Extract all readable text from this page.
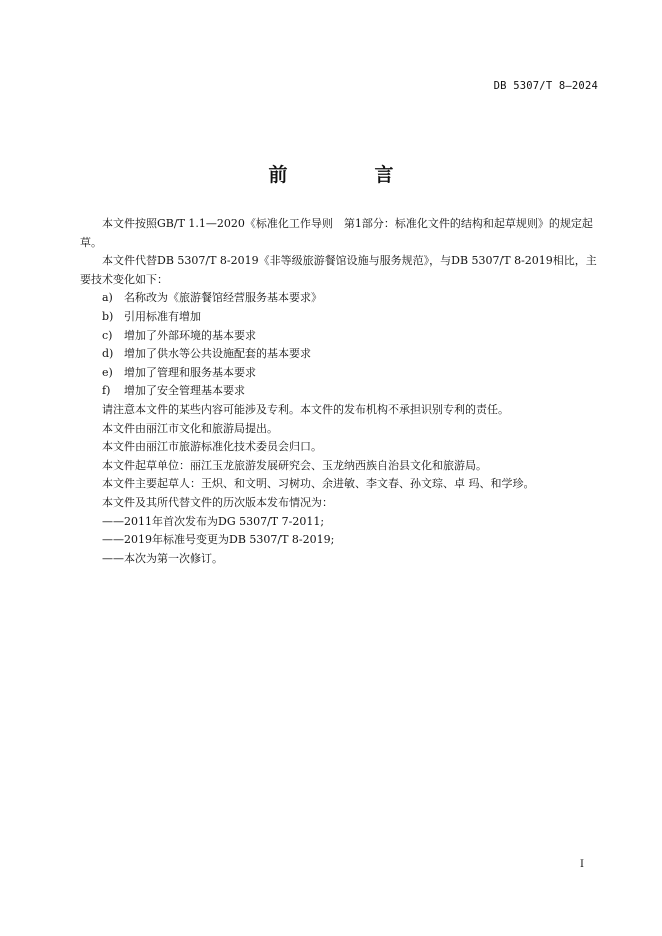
DB 5307/T 8—2024
前　言

本文件按照GB/T 1.1—2020《标准化工作导则　第1部分：标准化文件的结构和起草规则》的规定起草。

本文件代替DB 5307/T 8-2019《非等级旅游餐馆设施与服务规范》，与DB 5307/T 8-2019相比，主要技术变化如下：

a) 名称改为《旅游餐馆经营服务基本要求》

b) 引用标准有增加

c) 增加了外部环境的基本要求

d) 增加了供水等公共设施配套的基本要求

e) 增加了管理和服务基本要求

f) 增加了安全管理基本要求

请注意本文件的某些内容可能涉及专利。本文件的发布机构不承担识别专利的责任。

本文件由丽江市文化和旅游局提出。

本文件由丽江市旅游标准化技术委员会归口。

本文件起草单位：丽江玉龙旅游发展研究会、玉龙纳西族自治县文化和旅游局。

本文件主要起草人：王炽、和文明、习树功、余进敏、李文春、孙文琮、卓 玛、和学珍。

本文件及其所代替文件的历次版本发布情况为：

——2011年首次发布为DG 5307/T 7-2011;

——2019年标准号变更为DB 5307/T 8-2019;

——本次为第一次修订。

I
